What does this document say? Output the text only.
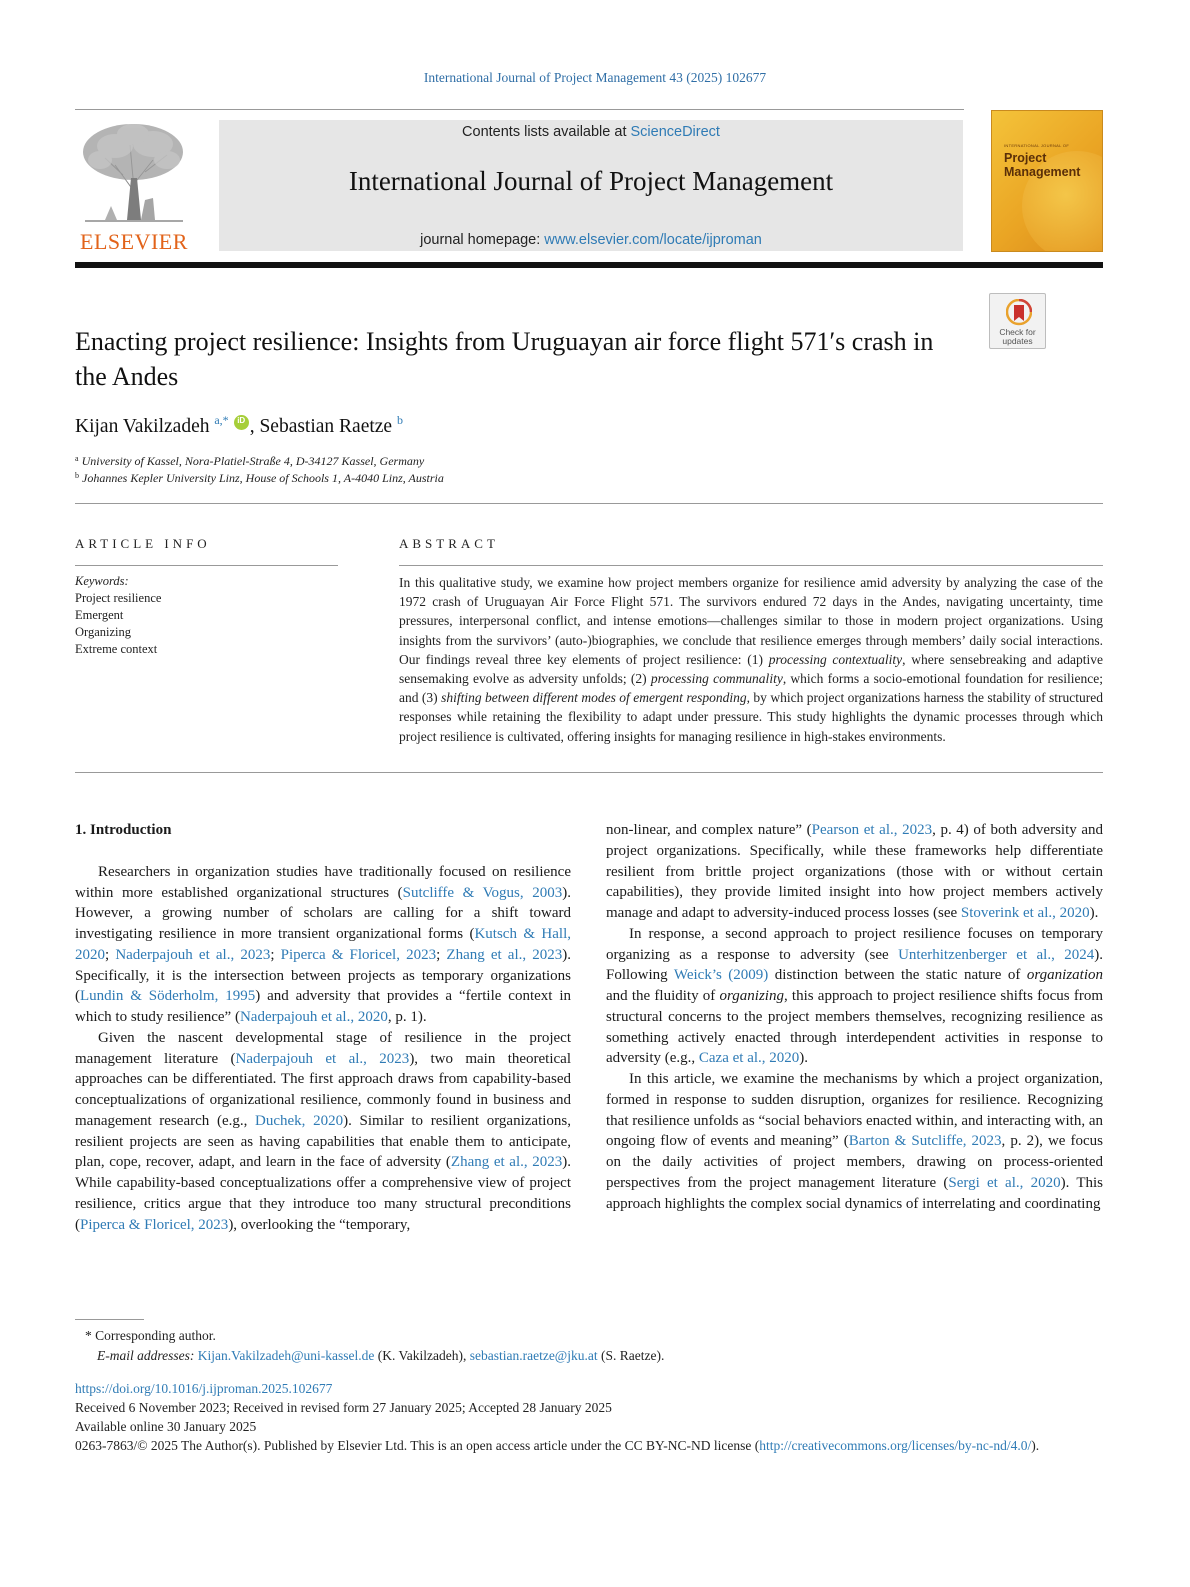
International Journal of Project Management 43 (2025) 102677
ELSEVIER
Contents lists available at ScienceDirect
International Journal of Project Management
journal homepage: www.elsevier.com/locate/ijproman
INTERNATIONAL JOURNAL OF
Project
Management
Check for
updates
Enacting project resilience: Insights from Uruguayan air force flight 571′s crash in the Andes
Kijan Vakilzadeh $^{a,*}$	iD , Sebastian Raetze $^b$
$^a$ University of Kassel, Nora-Platiel-Straße 4, D-34127 Kassel, Germany
$^b$ Johannes Kepler University Linz, House of Schools 1, A-4040 Linz, Austria
ARTICLE INFO
Keywords:
Project resilience
Emergent
Organizing
Extreme context
ABSTRACT
In this qualitative study, we examine how project members organize for resilience amid adversity by analyzing the case of the 1972 crash of Uruguayan Air Force Flight 571. The survivors endured 72 days in the Andes, navigating uncertainty, time pressures, interpersonal conflict, and intense emotions—challenges similar to those in modern project organizations. Using insights from the survivors’ (auto-)biographies, we conclude that resilience emerges through members’ daily social interactions. Our findings reveal three key elements of project resilience: (1) processing contextuality, where sensebreaking and adaptive sensemaking evolve as adversity unfolds; (2) processing communality, which forms a socio-emotional foundation for resilience; and (3) shifting between different modes of emergent responding, by which project organizations harness the stability of structured responses while retaining the flexibility to adapt under pressure. This study highlights the dynamic processes through which project resilience is cultivated, offering insights for managing resilience in high-stakes environments.
1. Introduction

Researchers in organization studies have traditionally focused on resilience within more established organizational structures (Sutcliffe & Vogus, 2003). However, a growing number of scholars are calling for a shift toward investigating resilience in more transient organizational forms (Kutsch & Hall, 2020; Naderpajouh et al., 2023; Piperca & Floricel, 2023; Zhang et al., 2023). Specifically, it is the intersection between projects as temporary organizations (Lundin & Söderholm, 1995) and adversity that provides a “fertile context in which to study resilience” (Naderpajouh et al., 2020, p. 1).

Given the nascent developmental stage of resilience in the project management literature (Naderpajouh et al., 2023), two main theoretical approaches can be differentiated. The first approach draws from capability-based conceptualizations of organizational resilience, commonly found in business and management research (e.g., Duchek, 2020). Similar to resilient organizations, resilient projects are seen as having capabilities that enable them to anticipate, plan, cope, recover, adapt, and learn in the face of adversity (Zhang et al., 2023). While capability-based conceptualizations offer a comprehensive view of project resilience, critics argue that they introduce too many structural preconditions (Piperca & Floricel, 2023), overlooking the “temporary,

non-linear, and complex nature” (Pearson et al., 2023, p. 4) of both adversity and project organizations. Specifically, while these frameworks help differentiate resilient from brittle project organizations (those with or without certain capabilities), they provide limited insight into how project members actively manage and adapt to adversity-induced process losses (see Stoverink et al., 2020).

In response, a second approach to project resilience focuses on temporary organizing as a response to adversity (see Unterhitzenberger et al., 2024). Following Weick’s (2009) distinction between the static nature of organization and the fluidity of organizing, this approach to project resilience shifts focus from structural concerns to the project members themselves, recognizing resilience as something actively enacted through interdependent activities in response to adversity (e.g., Caza et al., 2020).

In this article, we examine the mechanisms by which a project organization, formed in response to sudden disruption, organizes for resilience. Recognizing that resilience unfolds as “social behaviors enacted within, and interacting with, an ongoing flow of events and meaning” (Barton & Sutcliffe, 2023, p. 2), we focus on the daily activities of project members, drawing on process-oriented perspectives from the project management literature (Sergi et al., 2020). This approach highlights the complex social dynamics of interrelating and coordinating

* Corresponding author.
E-mail addresses: Kijan.Vakilzadeh@uni-kassel.de (K. Vakilzadeh), sebastian.raetze@jku.at (S. Raetze).
https://doi.org/10.1016/j.ijproman.2025.102677
Received 6 November 2023; Received in revised form 27 January 2025; Accepted 28 January 2025
Available online 30 January 2025
0263-7863/© 2025 The Author(s). Published by Elsevier Ltd. This is an open access article under the CC BY-NC-ND license (http://creativecommons.org/licenses/by-nc-nd/4.0/).
